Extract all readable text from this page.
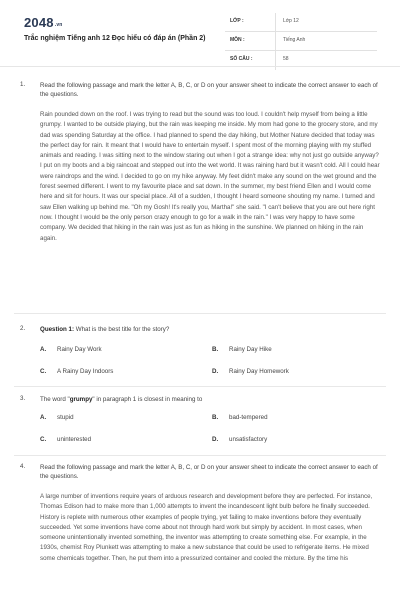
2048.vn
Trắc nghiệm Tiếng anh 12 Đọc hiểu có đáp án (Phần 2)
LỚP :	Lớp 12
MÔN :	Tiếng Anh
SỐ CÂU :	58
1. Read the following passage and mark the letter A, B, C, or D on your answer sheet to indicate the correct answer to each of the questions.
Rain pounded down on the roof. I was trying to read but the sound was too loud. I couldn't help myself from being a little grumpy. I wanted to be outside playing, but the rain was keeping me inside. My mom had gone to the grocery store, and my dad was spending Saturday at the office. I had planned to spend the day hiking, but Mother Nature decided that today was the perfect day for rain. It meant that I would have to entertain myself. I spent most of the morning playing with my stuffed animals and reading. I was sitting next to the window staring out when I got a strange idea: why not just go outside anyway? I put on my boots and a big raincoat and stepped out into the wet world. It was raining hard but it wasn't cold. All I could hear were raindrops and the wind. I decided to go on my hike anyway. My feet didn't make any sound on the wet ground and the forest seemed different. I went to my favourite place and sat down. In the summer, my best friend Ellen and I would come here and sit for hours. It was our special place. All of a sudden, I thought I heard someone shouting my name. I turned and saw Ellen walking up behind me. "Oh my Gosh! It's really you, Martha!" she said. "I can't believe that you are out here right now. I thought I would be the only person crazy enough to go for a walk in the rain." I was very happy to have some company. We decided that hiking in the rain was just as fun as hiking in the sunshine. We planned on hiking in the rain again.
2. Question 1: What is the best title for the story?
A. Rainy Day Work	B. Rainy Day Hike
C. A Rainy Day Indoors	D. Rainy Day Homework
3. The word "grumpy" in paragraph 1 is closest in meaning to
A. stupid	B. bad-tempered
C. uninterested	D. unsatisfactory
4. Read the following passage and mark the letter A, B, C, or D on your answer sheet to indicate the correct answer to each of the questions.
A large number of inventions require years of arduous research and development before they are perfected. For instance, Thomas Edison had to make more than 1,000 attempts to invent the incandescent light bulb before he finally succeeded. History is replete with numerous other examples of people trying, yet failing to make inventions before they eventually succeeded. Yet some inventions have come about not through hard work but simply by accident. In most cases, when someone unintentionally invented something, the inventor was attempting to create something else. For example, in the 1930s, chemist Roy Plunkett was attempting to make a new substance that could be used to refrigerate items. He mixed some chemicals together. Then, he put them into a pressurized container and cooled the mixture. By the time his
